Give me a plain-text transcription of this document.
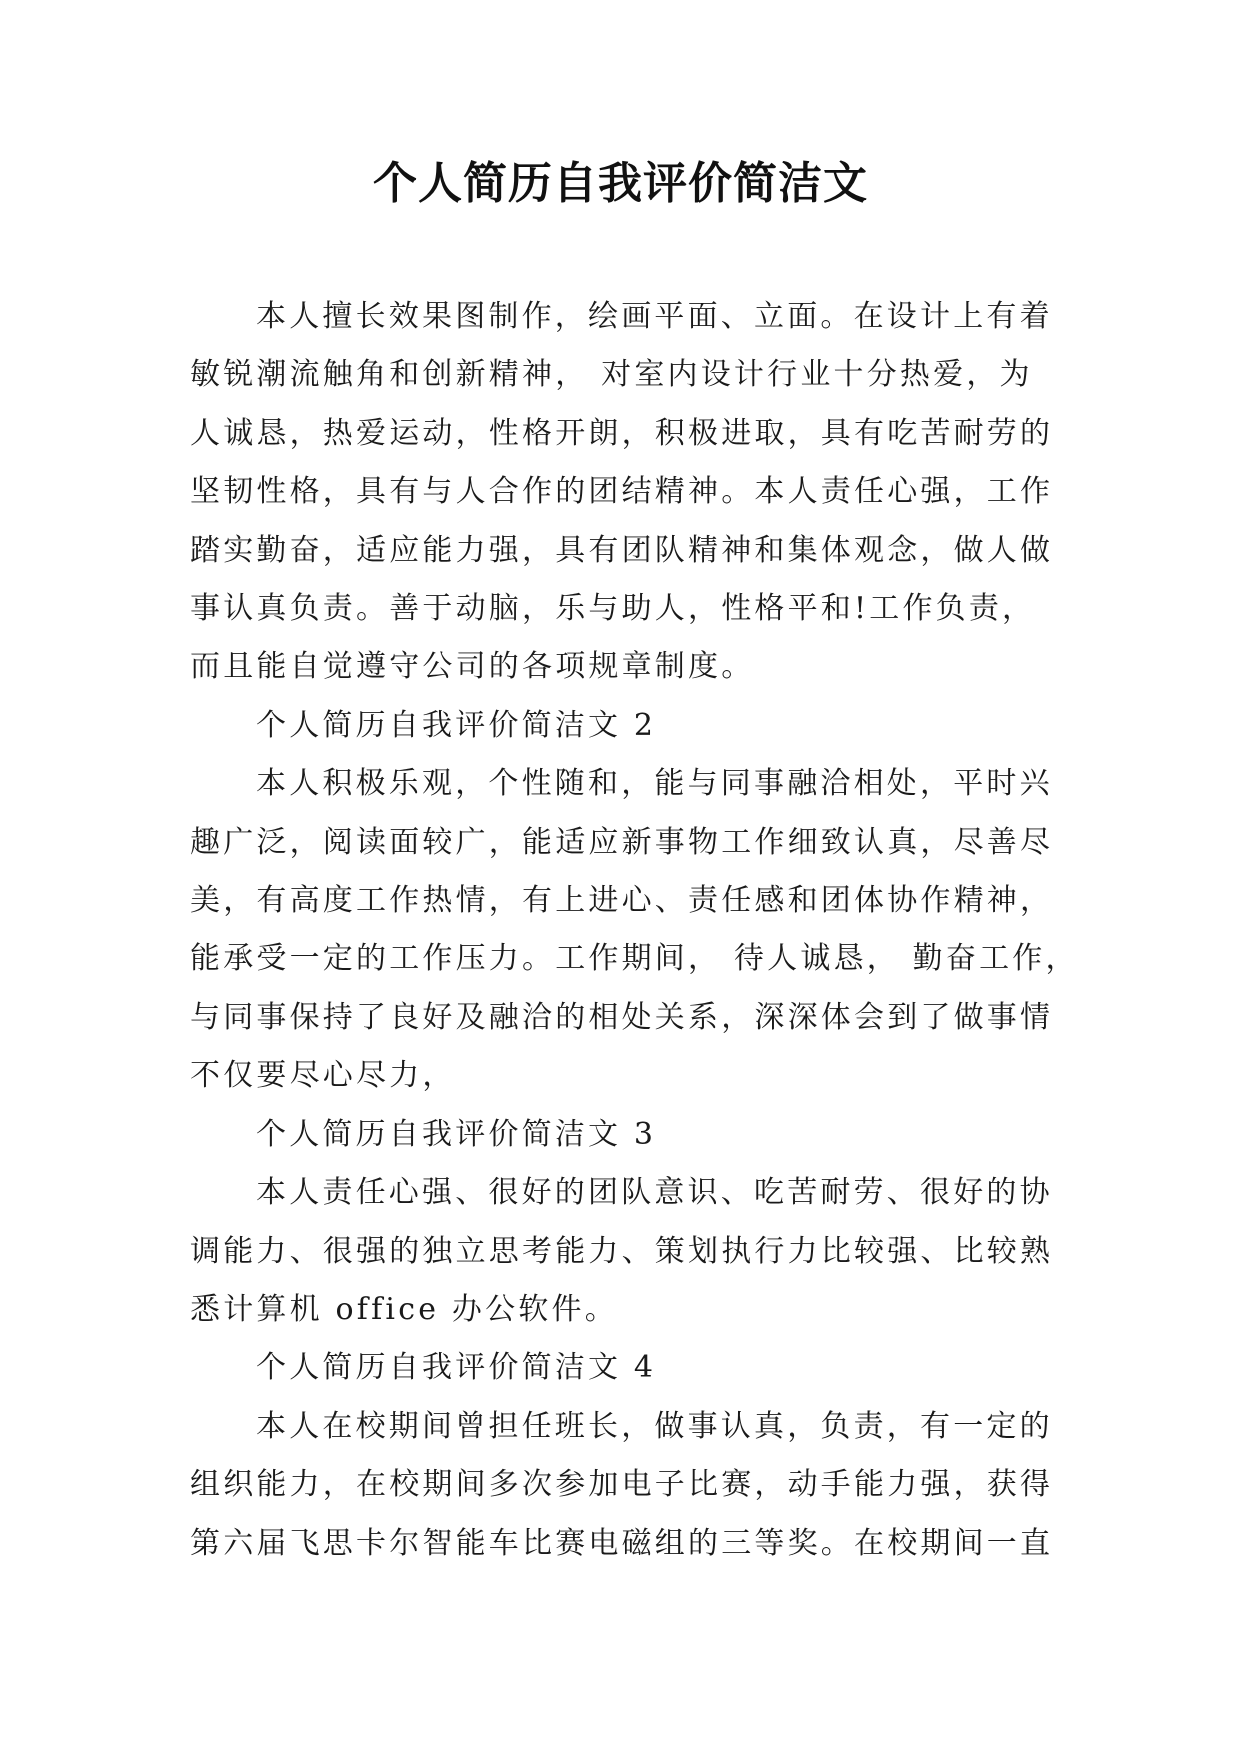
个人简历自我评价简洁文
本人擅长效果图制作，绘画平面、立面。在设计上有着
敏锐潮流触角和创新精神， 对室内设计行业十分热爱，为
人诚恳，热爱运动，性格开朗，积极进取，具有吃苦耐劳的
坚韧性格，具有与人合作的团结精神。本人责任心强，工作
踏实勤奋，适应能力强，具有团队精神和集体观念，做人做
事认真负责。善于动脑，乐与助人，性格平和!工作负责，
而且能自觉遵守公司的各项规章制度。
个人简历自我评价简洁文 2
本人积极乐观，个性随和，能与同事融洽相处，平时兴
趣广泛，阅读面较广，能适应新事物工作细致认真，尽善尽
美，有高度工作热情，有上进心、责任感和团体协作精神，
能承受一定的工作压力。工作期间， 待人诚恳， 勤奋工作，
与同事保持了良好及融洽的相处关系，深深体会到了做事情
不仅要尽心尽力，
个人简历自我评价简洁文 3
本人责任心强、很好的团队意识、吃苦耐劳、很好的协
调能力、很强的独立思考能力、策划执行力比较强、比较熟
悉计算机 office 办公软件。
个人简历自我评价简洁文 4
本人在校期间曾担任班长，做事认真，负责，有一定的
组织能力，在校期间多次参加电子比赛，动手能力强，获得
第六届飞思卡尔智能车比赛电磁组的三等奖。在校期间一直
